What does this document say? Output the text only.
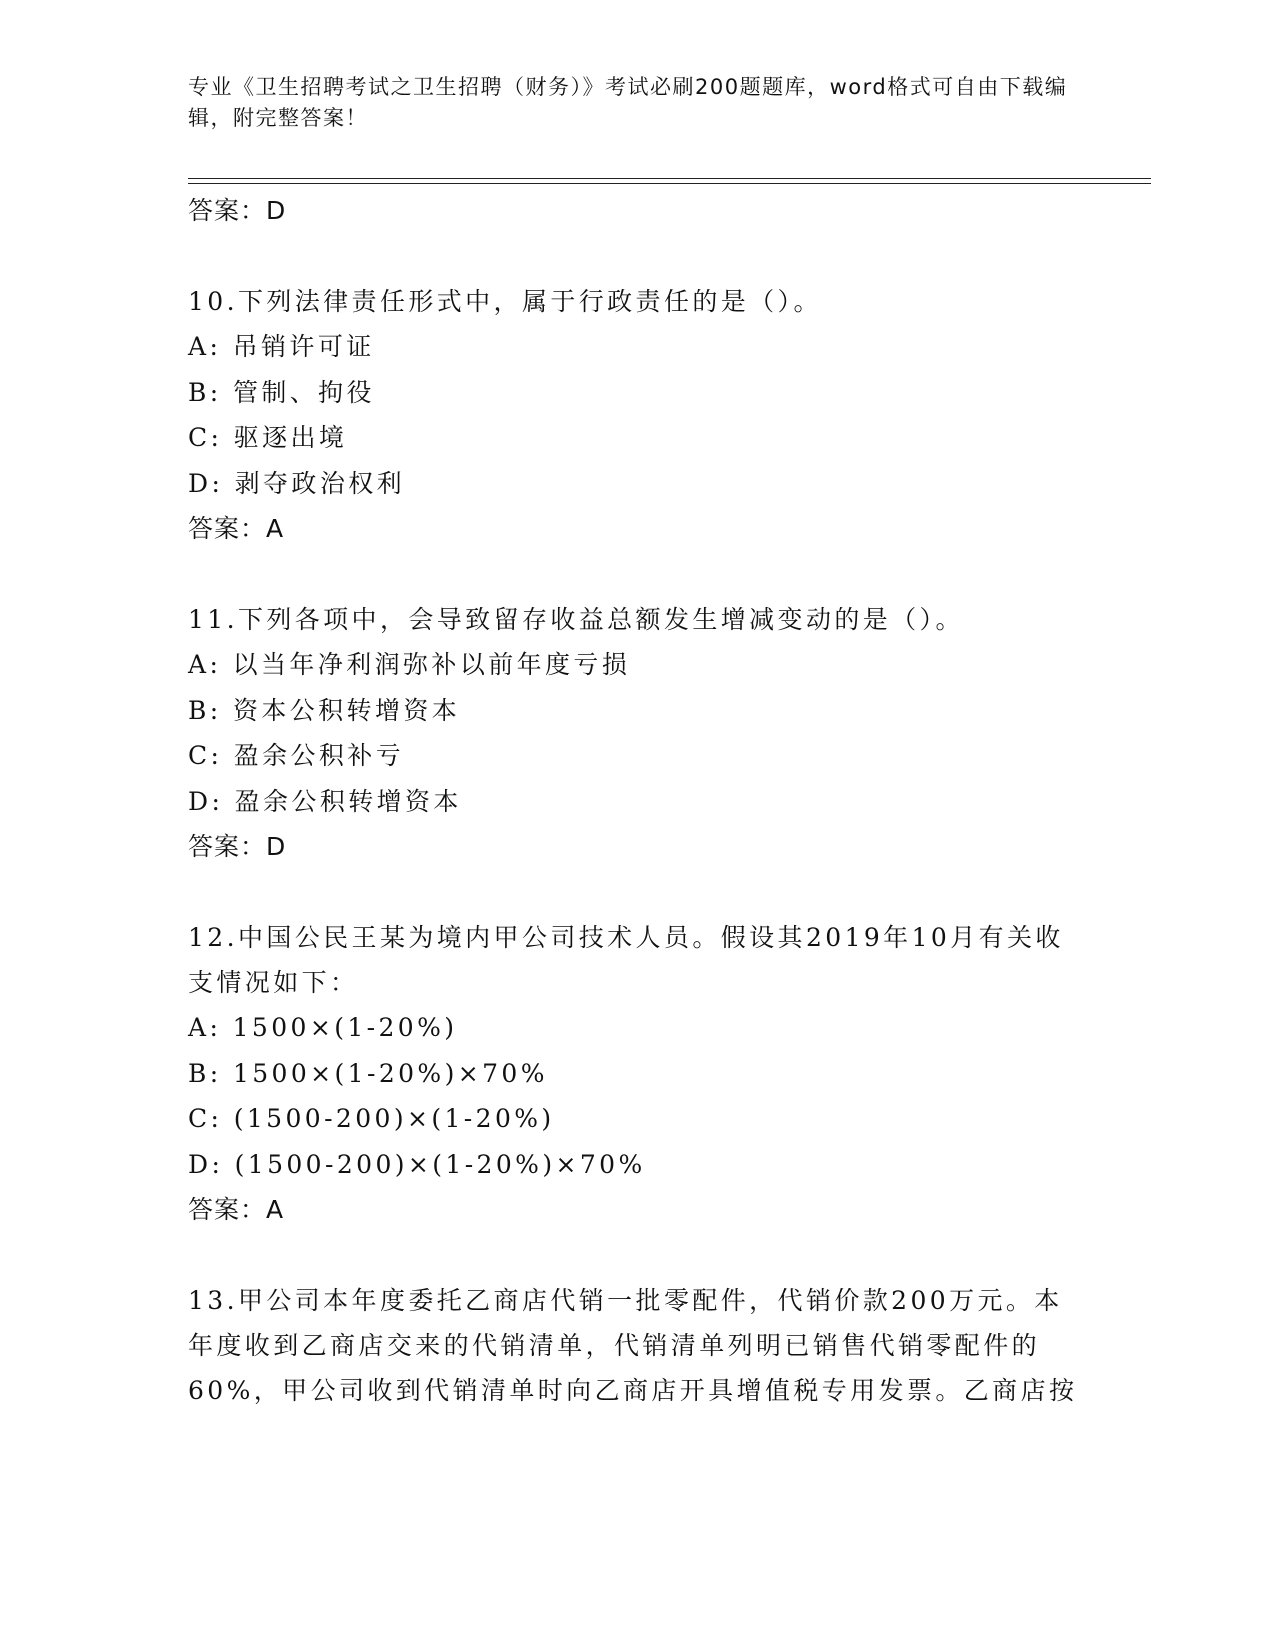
专业《卫生招聘考试之卫生招聘（财务）》考试必刷200题题库，word格式可自由下载编辑，附完整答案！

答案：D

10.下列法律责任形式中，属于行政责任的是（）。

A: 吊销许可证

B: 管制、拘役

C: 驱逐出境

D: 剥夺政治权利

答案：A

11.下列各项中，会导致留存收益总额发生增减变动的是（）。

A: 以当年净利润弥补以前年度亏损

B: 资本公积转增资本

C: 盈余公积补亏

D: 盈余公积转增资本

答案：D

12.中国公民王某为境内甲公司技术人员。假设其2019年10月有关收支情况如下：

A: 1500×(1-20%)

B: 1500×(1-20%)×70%

C: (1500-200)×(1-20%)

D: (1500-200)×(1-20%)×70%

答案：A

13.甲公司本年度委托乙商店代销一批零配件，代销价款200万元。本年度收到乙商店交来的代销清单，代销清单列明已销售代销零配件的60%，甲公司收到代销清单时向乙商店开具增值税专用发票。乙商店按
